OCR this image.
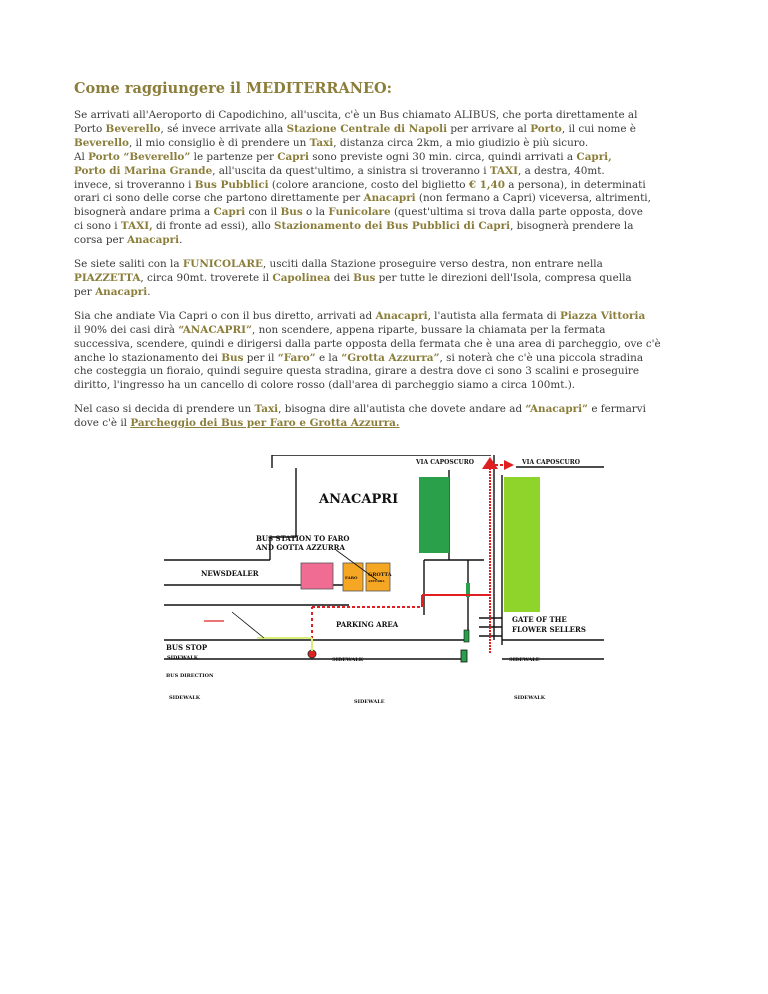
Come raggiungere il MEDITERRANEO:
Se arrivati all'Aeroporto di Capodichino, all'uscita, c'è un Bus chiamato ALIBUS, che porta direttamente al
Porto Beverello, sé invece arrivate alla Stazione Centrale di Napoli per arrivare al Porto, il cui nome è
Beverello, il mio consiglio è di prendere un Taxi, distanza circa 2km, a mio giudizio è più sicuro.
Al Porto “Beverello” le partenze per Capri sono previste ogni 30 min. circa, quindi arrivati a Capri,
Porto di Marina Grande, all'uscita da quest'ultimo, a sinistra si troveranno i TAXI, a destra, 40mt.
invece, si troveranno i Bus Pubblici (colore arancione, costo del biglietto € 1,40 a persona), in determinati
orari ci sono delle corse che partono direttamente per Anacapri (non fermano a Capri) viceversa, altrimenti,
bisognerà andare prima a Capri con il Bus o la Funicolare (quest'ultima si trova dalla parte opposta, dove
ci sono i TAXI, di fronte ad essi), allo Stazionamento dei Bus Pubblici di Capri, bisognerà prendere la
corsa per Anacapri.
Se siete saliti con la FUNICOLARE, usciti dalla Stazione proseguire verso destra, non entrare nella
PIAZZETTA, circa 90mt. troverete il Capolinea dei Bus per tutte le direzioni dell'Isola, compresa quella
per Anacapri.
Sia che andiate Via Capri o con il bus diretto, arrivati ad Anacapri, l'autista alla fermata di Piazza Vittoria
il 90% dei casi dirà “ANACAPRI”, non scendere, appena riparte, bussare la chiamata per la fermata
successiva, scendere, quindi e dirigersi dalla parte opposta della fermata che è una area di parcheggio, ove c'è
anche lo stazionamento dei Bus per il “Faro” e la “Grotta Azzurra”, si noterà che c'è una piccola stradina
che costeggia un fioraio, quindi seguire questa stradina, girare a destra dove ci sono 3 scalini e proseguire
diritto, l'ingresso ha un cancello di colore rosso (dall'area di parcheggio siamo a circa 100mt.).
Nel caso si decida di prendere un Taxi, bisogna dire all'autista che dovete andare ad “Anacapri” e fermarvi
dove c'è il Parcheggio dei Bus per Faro e Grotta Azzurra.
VIA CAPOSCURO	VIA CAPOSCURO
ANACAPRI
BUS STATION TO FARO
AND GOTTA AZZURRA
NEWSDEALER	FARO GROTTA
AZZURRA
PARKING AREA
GATE OF THE
FLOWER SELLERS
BUS STOP
SIDEWALK	SIDEWALK	SIDEWALE
BUS DIRECTION
SIDEWALK
SIDEWALE
SIDEWALK
